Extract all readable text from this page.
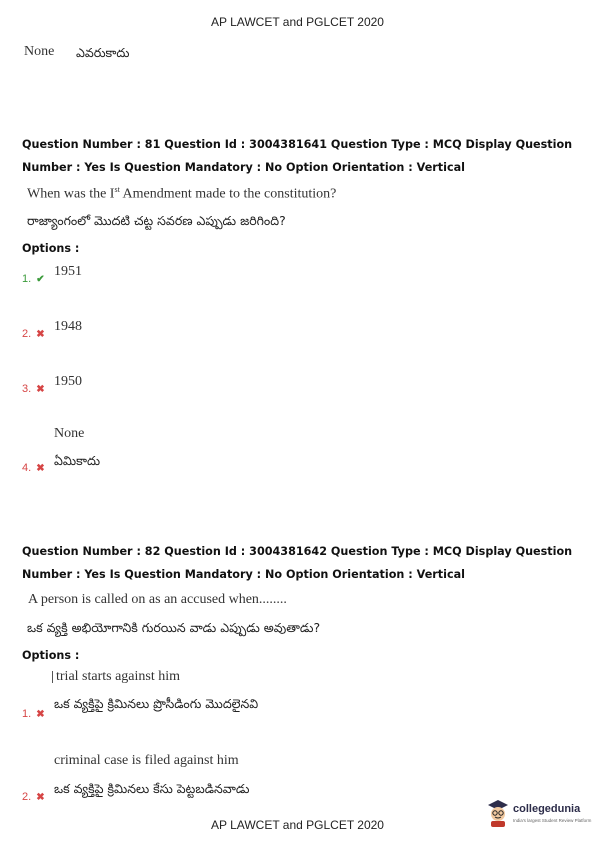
AP LAWCET and PGLCET 2020
None ఎవరుకాదు
Question Number : 81 Question Id : 3004381641 Question Type : MCQ Display Question
Number : Yes Is Question Mandatory : No Option Orientation : Vertical
When was the Ist Amendment made to the constitution?
రాజ్యాంగంలో మొదటి చట్ట సవరణ ఎప్పుడు జరిగింది?
Options :
1. ✔
1951
2. ✖
1948
3. ✖
1950
None
4. ✖
ఏమికాదు
Question Number : 82 Question Id : 3004381642 Question Type : MCQ Display Question
Number : Yes Is Question Mandatory : No Option Orientation : Vertical
A person is called on as an accused when........
ఒక వ్యక్తి అభియోగానికి గురయిన వాడు ఎప్పుడు అవుతాడు?
Options :
trial starts against him
1. ✖
ఒక వ్యక్తిపై క్రిమినలు ప్రొసీడింగు మొదలైనవి
criminal case is filed against him
2. ✖
ఒక వ్యక్తిపై క్రిమినలు కేసు పెట్టబడినవాడు
collegedunia
India's largest Student Review Platform
AP LAWCET and PGLCET 2020
